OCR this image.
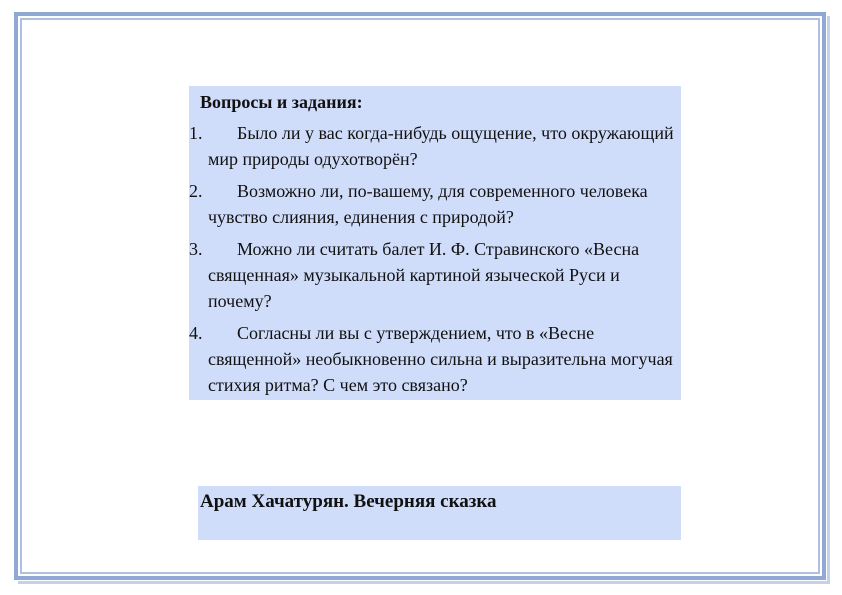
Вопросы и задания:
1. Было ли у вас когда-нибудь ощущение, что окружающий мир природы одухотворён?
2. Возможно ли, по-вашему, для современного человека чувство слияния, единения с природой?
3. Можно ли считать балет И. Ф. Стравинского «Весна священная» музыкальной картиной языческой Руси и почему?
4. Согласны ли вы с утверждением, что в «Весне священной» необыкновенно сильна и выразительна могучая стихия ритма? С чем это связано?
Арам Хачатурян. Вечерняя сказка
